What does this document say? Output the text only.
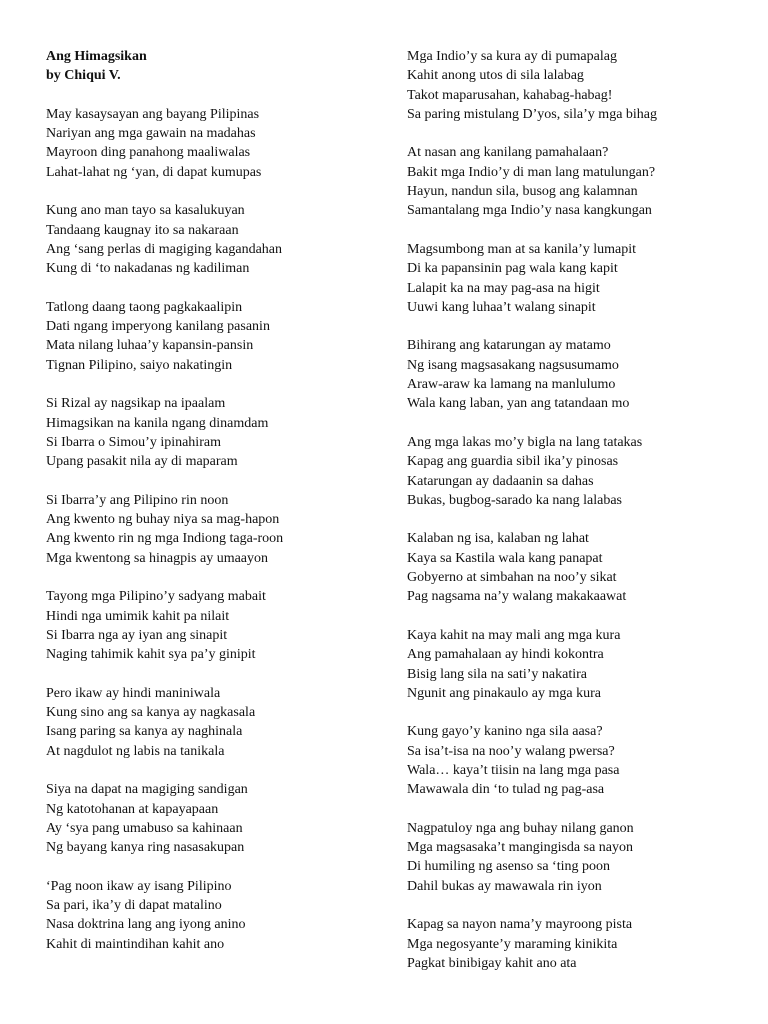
Ang Himagsikan
by Chiqui V.
May kasaysayan ang bayang Pilipinas
Nariyan ang mga gawain na madahas
Mayroon ding panahong maaliwalas
Lahat-lahat ng ‘yan, di dapat kumupas
Kung ano man tayo sa kasalukuyan
Tandaang kaugnay ito sa nakaraan
Ang ‘sang perlas di magiging kagandahan
Kung di ‘to nakadanas ng kadiliman
Tatlong daang taong pagkakaalipin
Dati ngang imperyong kanilang pasanin
Mata nilang luhaa’y kapansin-pansin
Tignan Pilipino, saiyo nakatingin
Si Rizal ay nagsikap na ipaalam
Himagsikan na kanila ngang dinamdam
Si Ibarra o Simou’y ipinahiram
Upang pasakit nila ay di maparam
Si Ibarra’y ang Pilipino rin noon
Ang kwento ng buhay niya sa mag-hapon
Ang kwento rin ng mga Indiong taga-roon
Mga kwentong sa hinagpis ay umaayon
Tayong mga Pilipino’y sadyang mabait
Hindi nga umimik kahit pa nilait
Si Ibarra nga ay iyan ang sinapit
Naging tahimik kahit sya pa’y ginipit
Pero ikaw ay hindi maniniwala
Kung sino ang sa kanya ay nagkasala
Isang paring sa kanya ay naghinala
At nagdulot ng labis na tanikala
Siya na dapat na magiging sandigan
Ng katotohanan at kapayapaan
Ay ‘sya pang umabuso sa kahinaan
Ng bayang kanya ring nasasakupan
‘Pag noon ikaw ay isang Pilipino
Sa pari, ika’y di dapat matalino
Nasa doktrina lang ang iyong anino
Kahit di maintindihan kahit ano
Mga Indio’y sa kura ay di pumapalag
Kahit anong utos di sila lalabag
Takot maparusahan, kahabag-habag!
Sa paring mistulang D’yos, sila’y mga bihag
At nasan ang kanilang pamahalaan?
Bakit mga Indio’y di man lang matulungan?
Hayun, nandun sila, busog ang kalamnan
Samantalang mga Indio’y nasa kangkungan
Magsumbong man at sa kanila’y lumapit
Di ka papansinin pag wala kang kapit
Lalapit ka na may pag-asa na higit
Uuwi kang luhaa’t walang sinapit
Bihirang ang katarungan ay matamo
Ng isang magsasakang nagsusumamo
Araw-araw ka lamang na manlulumo
Wala kang laban, yan ang tatandaan mo
Ang mga lakas mo’y bigla na lang tatakas
Kapag ang guardia sibil ika’y pinosas
Katarungan ay dadaanin sa dahas
Bukas, bugbog-sarado ka nang lalabas
Kalaban ng isa, kalaban ng lahat
Kaya sa Kastila wala kang panapat
Gobyerno at simbahan na noo’y sikat
Pag nagsama na’y walang makakaawat
Kaya kahit na may mali ang mga kura
Ang pamahalaan ay hindi kokontra
Bisig lang sila na sati’y nakatira
Ngunit ang pinakaulo ay mga kura
Kung gayo’y kanino nga sila aasa?
Sa isa’t-isa na noo’y walang pwersa?
Wala… kaya’t tiisin na lang mga pasa
Mawawala din ‘to tulad ng pag-asa
Nagpatuloy nga ang buhay nilang ganon
Mga magsasaka’t mangingisda sa nayon
Di humiling ng asenso sa ‘ting poon
Dahil bukas ay mawawala rin iyon
Kapag sa nayon nama’y mayroong pista
Mga negosyante’y maraming kinikita
Pagkat binibigay kahit ano ata
